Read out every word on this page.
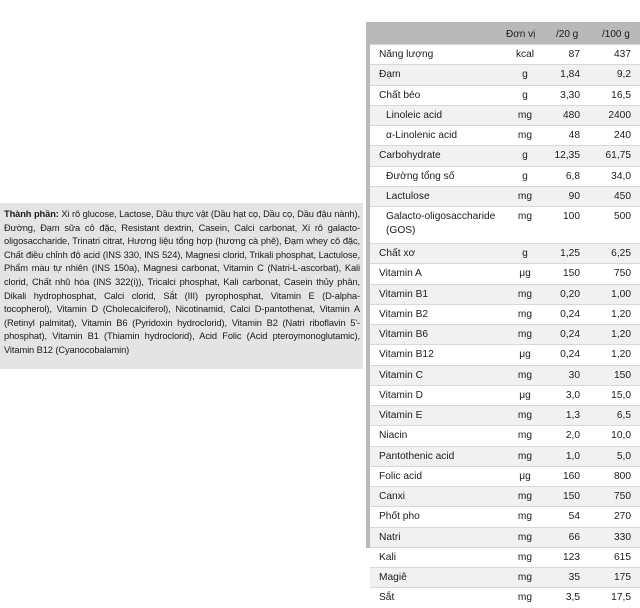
Thành phần: Xi rô glucose, Lactose, Dầu thực vật (Dầu hạt cọ, Dầu cọ, Dầu đậu nành), Đường, Đạm sữa cô đặc, Resistant dextrin, Casein, Calci carbonat, Xi rô galacto-oligosaccharide, Trinatri citrat, Hương liệu tổng hợp (hương cà phê), Đạm whey cô đặc, Chất điều chỉnh độ acid (INS 330, INS 524), Magnesi clorid, Trikali phosphat, Lactulose, Phẩm màu tự nhiên (INS 150a), Magnesi carbonat, Vitamin C (Natri-L-ascorbat), Kali clorid, Chất nhũ hóa (INS 322(i)), Tricalci phosphat, Kali carbonat, Casein thủy phân, Dikali hydrophosphat, Calci clorid, Sắt (III) pyrophosphat, Vitamin E (D-alpha-tocopherol), Vitamin D (Cholecalciferol), Nicotinamid, Calci D-pantothenat, Vitamin A (Retinyl palmitat), Vitamin B6 (Pyridoxin hydroclorid), Vitamin B2 (Natri riboflavin 5'-phosphat), Vitamin B1 (Thiamin hydroclorid), Acid Folic (Acid pteroymonoglutamic), Vitamin B12 (Cyanocobalamin)
Đơn vị /20 g /100 g
Năng lượng	kcal	87	437
Đạm	g	1,84	9,2
Chất béo	g	3,30	16,5
Linoleic acid	mg	480	2400
α-Linolenic acid	mg	48	240
Carbohydrate	g	12,35	61,75
Đường tổng số	g	6,8	34,0
Lactulose	mg	90	450
Galacto-oligosaccharide (GOS)
mg	100	500
Chất xơ	g	1,25	6,25
Vitamin A	μg	150	750
Vitamin B1	mg	0,20	1,00
Vitamin B2	mg	0,24	1,20
Vitamin B6	mg	0,24	1,20
Vitamin B12	μg	0,24	1,20
Vitamin C	mg	30	150
Vitamin D	μg	3,0	15,0
Vitamin E	mg	1,3	6,5
Niacin	mg	2,0	10,0
Pantothenic acid	mg	1,0	5,0
Folic acid	μg	160	800
Canxi	mg	150	750
Phốt pho	mg	54	270
Natri	mg	66	330
Kali	mg	123	615
Magiê	mg	35	175
Sắt	mg	3,5	17,5
